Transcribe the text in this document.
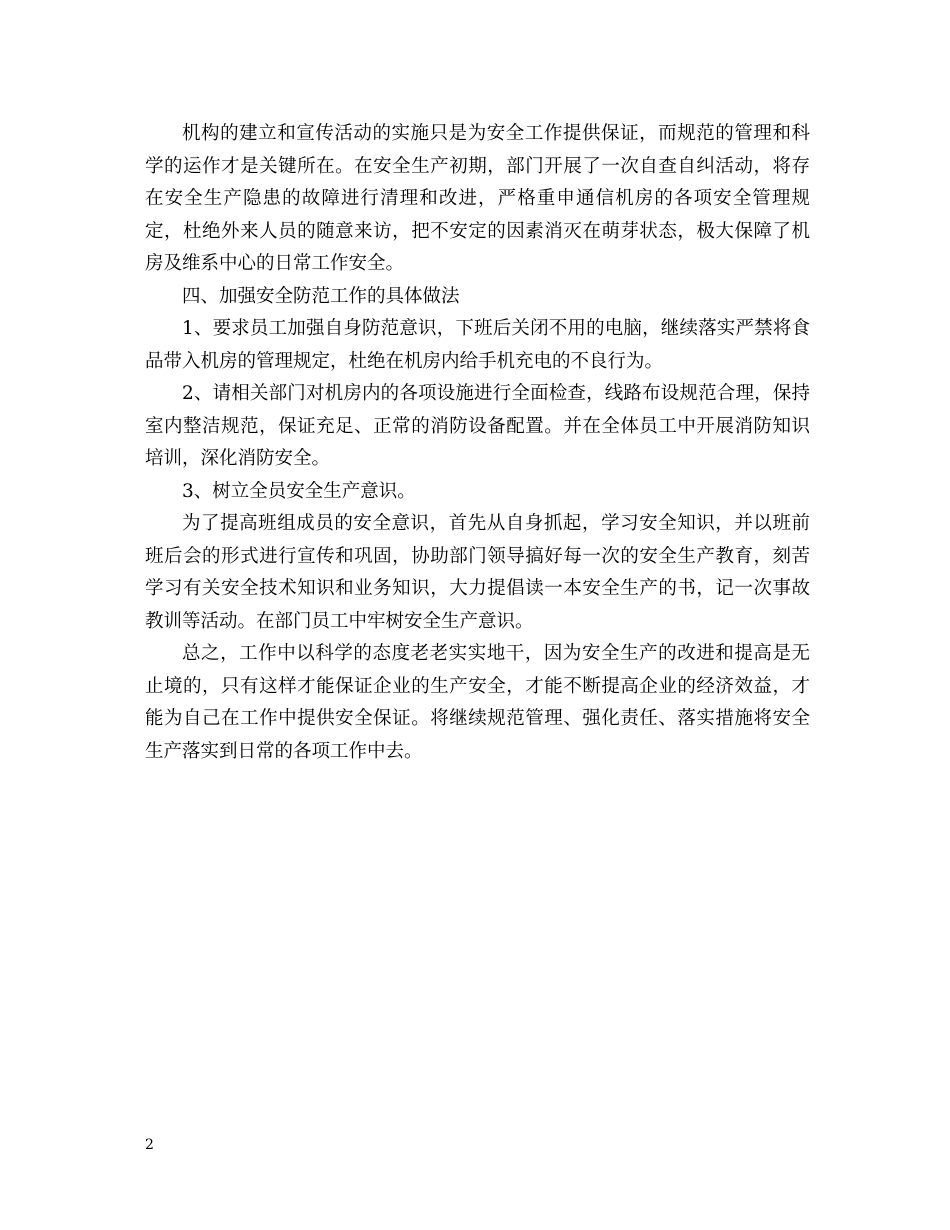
机构的建立和宣传活动的实施只是为安全工作提供保证，而规范的管理和科学的运作才是关键所在。在安全生产初期，部门开展了一次自查自纠活动，将存在安全生产隐患的故障进行清理和改进，严格重申通信机房的各项安全管理规定，杜绝外来人员的随意来访，把不安定的因素消灭在萌芽状态，极大保障了机房及维系中心的日常工作安全。

四、加强安全防范工作的具体做法

1、要求员工加强自身防范意识，下班后关闭不用的电脑，继续落实严禁将食品带入机房的管理规定，杜绝在机房内给手机充电的不良行为。

2、请相关部门对机房内的各项设施进行全面检查，线路布设规范合理，保持室内整洁规范，保证充足、正常的消防设备配置。并在全体员工中开展消防知识培训，深化消防安全。

3、树立全员安全生产意识。

为了提高班组成员的安全意识，首先从自身抓起，学习安全知识，并以班前班后会的形式进行宣传和巩固，协助部门领导搞好每一次的安全生产教育，刻苦学习有关安全技术知识和业务知识，大力提倡读一本安全生产的书，记一次事故教训等活动。在部门员工中牢树安全生产意识。

总之，工作中以科学的态度老老实实地干，因为安全生产的改进和提高是无止境的，只有这样才能保证企业的生产安全，才能不断提高企业的经济效益，才能为自己在工作中提供安全保证。将继续规范管理、强化责任、落实措施将安全生产落实到日常的各项工作中去。

2
